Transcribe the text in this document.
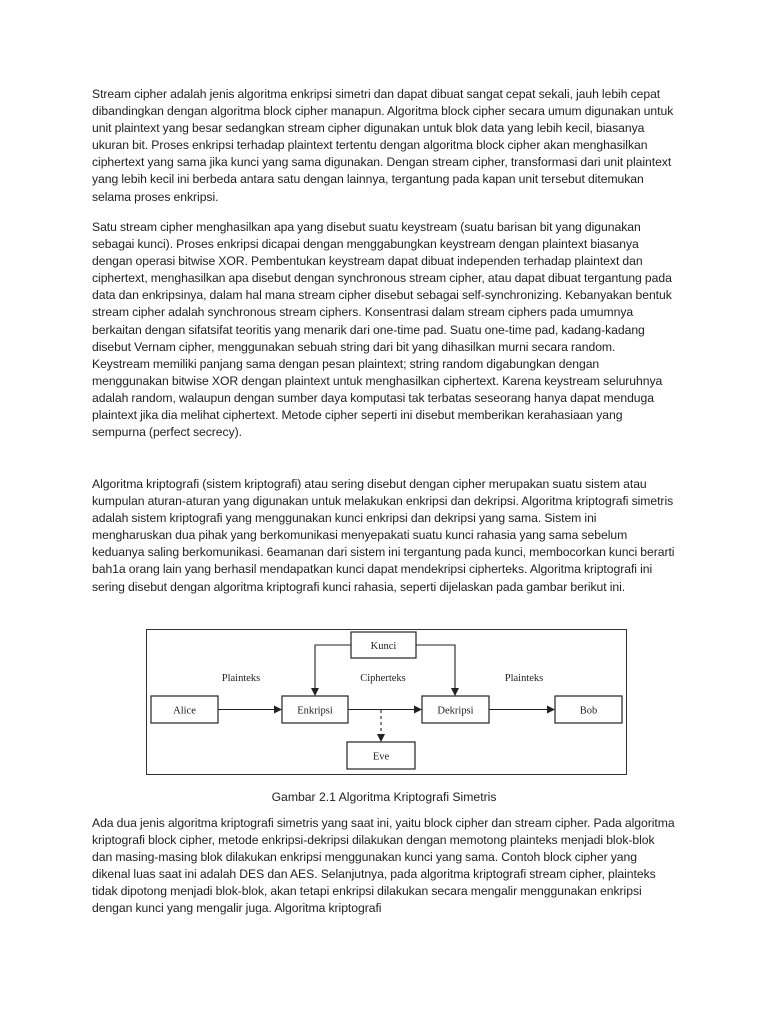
Stream cipher adalah jenis algoritma enkripsi simetri dan dapat dibuat sangat cepat sekali, jauh lebih cepat dibandingkan dengan algoritma block cipher manapun. Algoritma block cipher secara umum digunakan untuk unit plaintext yang besar sedangkan stream cipher digunakan untuk blok data yang lebih kecil, biasanya ukuran bit. Proses enkripsi terhadap plaintext tertentu dengan algoritma block cipher akan menghasilkan ciphertext yang sama jika kunci yang sama digunakan. Dengan stream cipher, transformasi dari unit plaintext yang lebih kecil ini berbeda antara satu dengan lainnya, tergantung pada kapan unit tersebut ditemukan selama proses enkripsi.

Satu stream cipher menghasilkan apa yang disebut suatu keystream (suatu barisan bit yang digunakan sebagai kunci). Proses enkripsi dicapai dengan menggabungkan keystream dengan plaintext biasanya dengan operasi bitwise XOR. Pembentukan keystream dapat dibuat independen terhadap plaintext dan ciphertext, menghasilkan apa disebut dengan synchronous stream cipher, atau dapat dibuat tergantung pada data dan enkripsinya, dalam hal mana stream cipher disebut sebagai self-synchronizing. Kebanyakan bentuk stream cipher adalah synchronous stream ciphers. Konsentrasi dalam stream ciphers pada umumnya berkaitan dengan sifatsifat teoritis yang menarik dari one-time pad. Suatu one-time pad, kadang-kadang disebut Vernam cipher, menggunakan sebuah string dari bit yang dihasilkan murni secara random. Keystream memiliki panjang sama dengan pesan plaintext; string random digabungkan dengan menggunakan bitwise XOR dengan plaintext untuk menghasilkan ciphertext. Karena keystream seluruhnya adalah random, walaupun dengan sumber daya komputasi tak terbatas seseorang hanya dapat menduga plaintext jika dia melihat ciphertext. Metode cipher seperti ini disebut memberikan kerahasiaan yang sempurna (perfect secrecy).

Algoritma kriptografi (sistem kriptografi) atau sering disebut dengan cipher merupakan suatu sistem atau kumpulan aturan-aturan yang digunakan untuk melakukan enkripsi dan dekripsi. Algoritma kriptografi simetris adalah sistem kriptografi yang menggunakan kunci enkripsi dan dekripsi yang sama. Sistem ini mengharuskan dua pihak yang berkomunikasi menyepakati suatu kunci rahasia yang sama sebelum keduanya saling berkomunikasi. 6eamanan dari sistem ini tergantung pada kunci, membocorkan kunci berarti bah1a orang lain yang berhasil mendapatkan kunci dapat mendekripsi cipherteks. Algoritma kriptografi ini sering disebut dengan algoritma kriptografi kunci rahasia, seperti dijelaskan pada gambar berikut ini.

Kunci
Alice	Enkripsi	Dekripsi	Bob
Eve
Plainteks	Cipherteks	Plainteks

Gambar 2.1 Algoritma Kriptografi Simetris

Ada dua jenis algoritma kriptografi simetris yang saat ini, yaitu block cipher dan stream cipher. Pada algoritma kriptografi block cipher, metode enkripsi-dekripsi dilakukan dengan memotong plainteks menjadi blok-blok dan masing-masing blok dilakukan enkripsi menggunakan kunci yang sama. Contoh block cipher yang dikenal luas saat ini adalah DES dan AES. Selanjutnya, pada algoritma kriptografi stream cipher, plainteks tidak dipotong menjadi blok-blok, akan tetapi enkripsi dilakukan secara mengalir menggunakan enkripsi dengan kunci yang mengalir juga. Algoritma kriptografi
